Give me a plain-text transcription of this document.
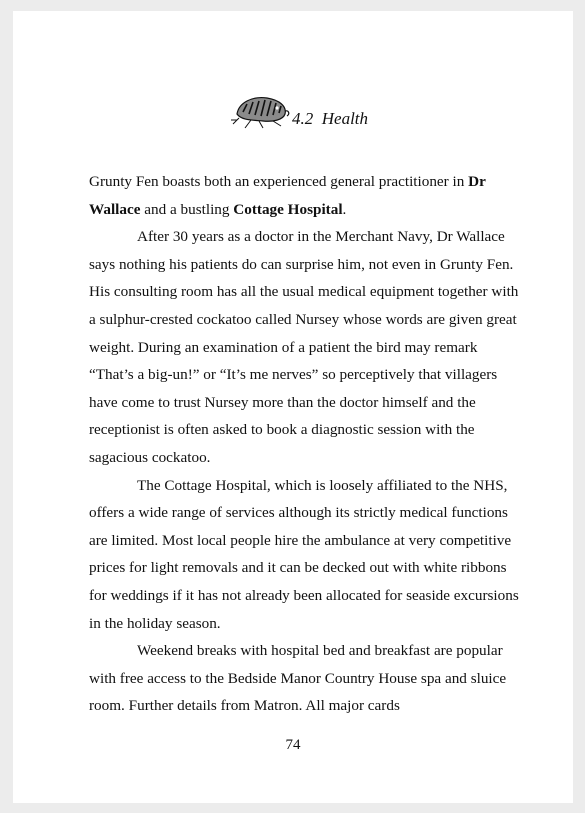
4.2 Health

Grunty Fen boasts both an experienced general practitioner in Dr Wallace and a bustling Cottage Hospital.

After 30 years as a doctor in the Merchant Navy, Dr Wallace says nothing his patients do can surprise him, not even in Grunty Fen. His consulting room has all the usual medical equipment together with a sulphur-crested cockatoo called Nursey whose words are given great weight. During an examination of a patient the bird may remark “That’s a big-un!” or “It’s me nerves” so perceptively that villagers have come to trust Nursey more than the doctor himself and the receptionist is often asked to book a diagnostic session with the sagacious cockatoo.

The Cottage Hospital, which is loosely affiliated to the NHS, offers a wide range of services although its strictly medical functions are limited. Most local people hire the ambulance at very competitive prices for light removals and it can be decked out with white ribbons for weddings if it has not already been allocated for seaside excursions in the holiday season.

Weekend breaks with hospital bed and breakfast are popular with free access to the Bedside Manor Country House spa and sluice room. Further details from Matron. All major cards

74
